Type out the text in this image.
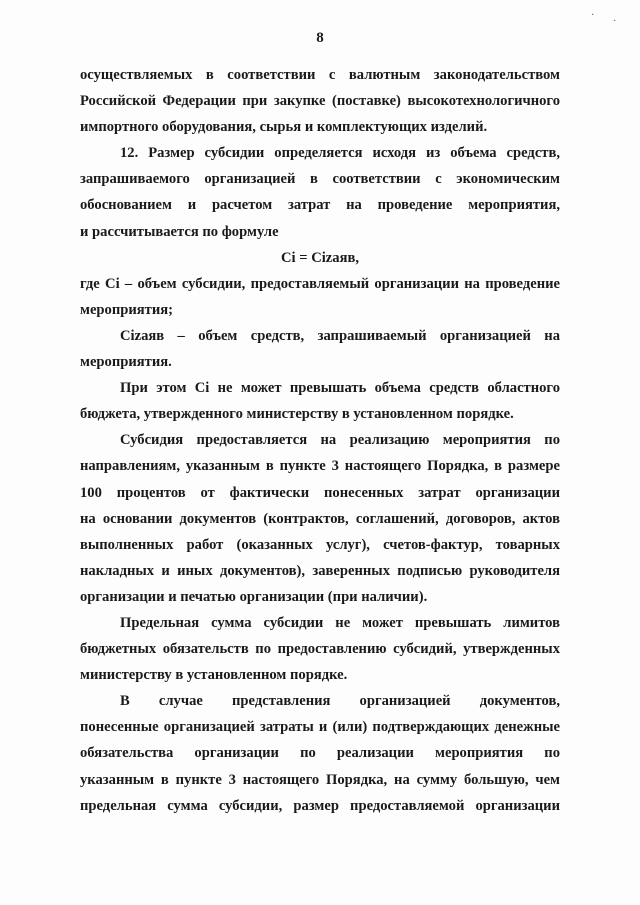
·
·
8
осуществляемых в соответствии с валютным законодательством
Российской Федерации при закупке (поставке) высокотехнологичного
импортного оборудования, сырья и комплектующих изделий.
12. Размер субсидии определяется исходя из объема средств,
запрашиваемого организацией в соответствии с экономическим
обоснованием и расчетом затрат на проведение мероприятия,
и рассчитывается по формуле
Ci = Сizаяв,
где Ci – объем субсидии, предоставляемый организации на проведение
мероприятия;
Сizаяв – объем средств, запрашиваемый организацией на
мероприятия.
При этом Ci не может превышать объема средств областного
бюджета, утвержденного министерству в установленном порядке.
Субсидия предоставляется на реализацию мероприятия по
направлениям, указанным в пункте 3 настоящего Порядка, в размере
100 процентов от фактически понесенных затрат организации
на основании документов (контрактов, соглашений, договоров, актов
выполненных работ (оказанных услуг), счетов-фактур, товарных
накладных и иных документов), заверенных подписью руководителя
организации и печатью организации (при наличии).
Предельная сумма субсидии не может превышать лимитов
бюджетных обязательств по предоставлению субсидий, утвержденных
министерству в установленном порядке.
В случае представления организацией документов,
понесенные организацией затраты и (или) подтверждающих денежные
обязательства организации по реализации мероприятия по
указанным в пункте 3 настоящего Порядка, на сумму большую, чем
предельная сумма субсидии, размер предоставляемой организации
